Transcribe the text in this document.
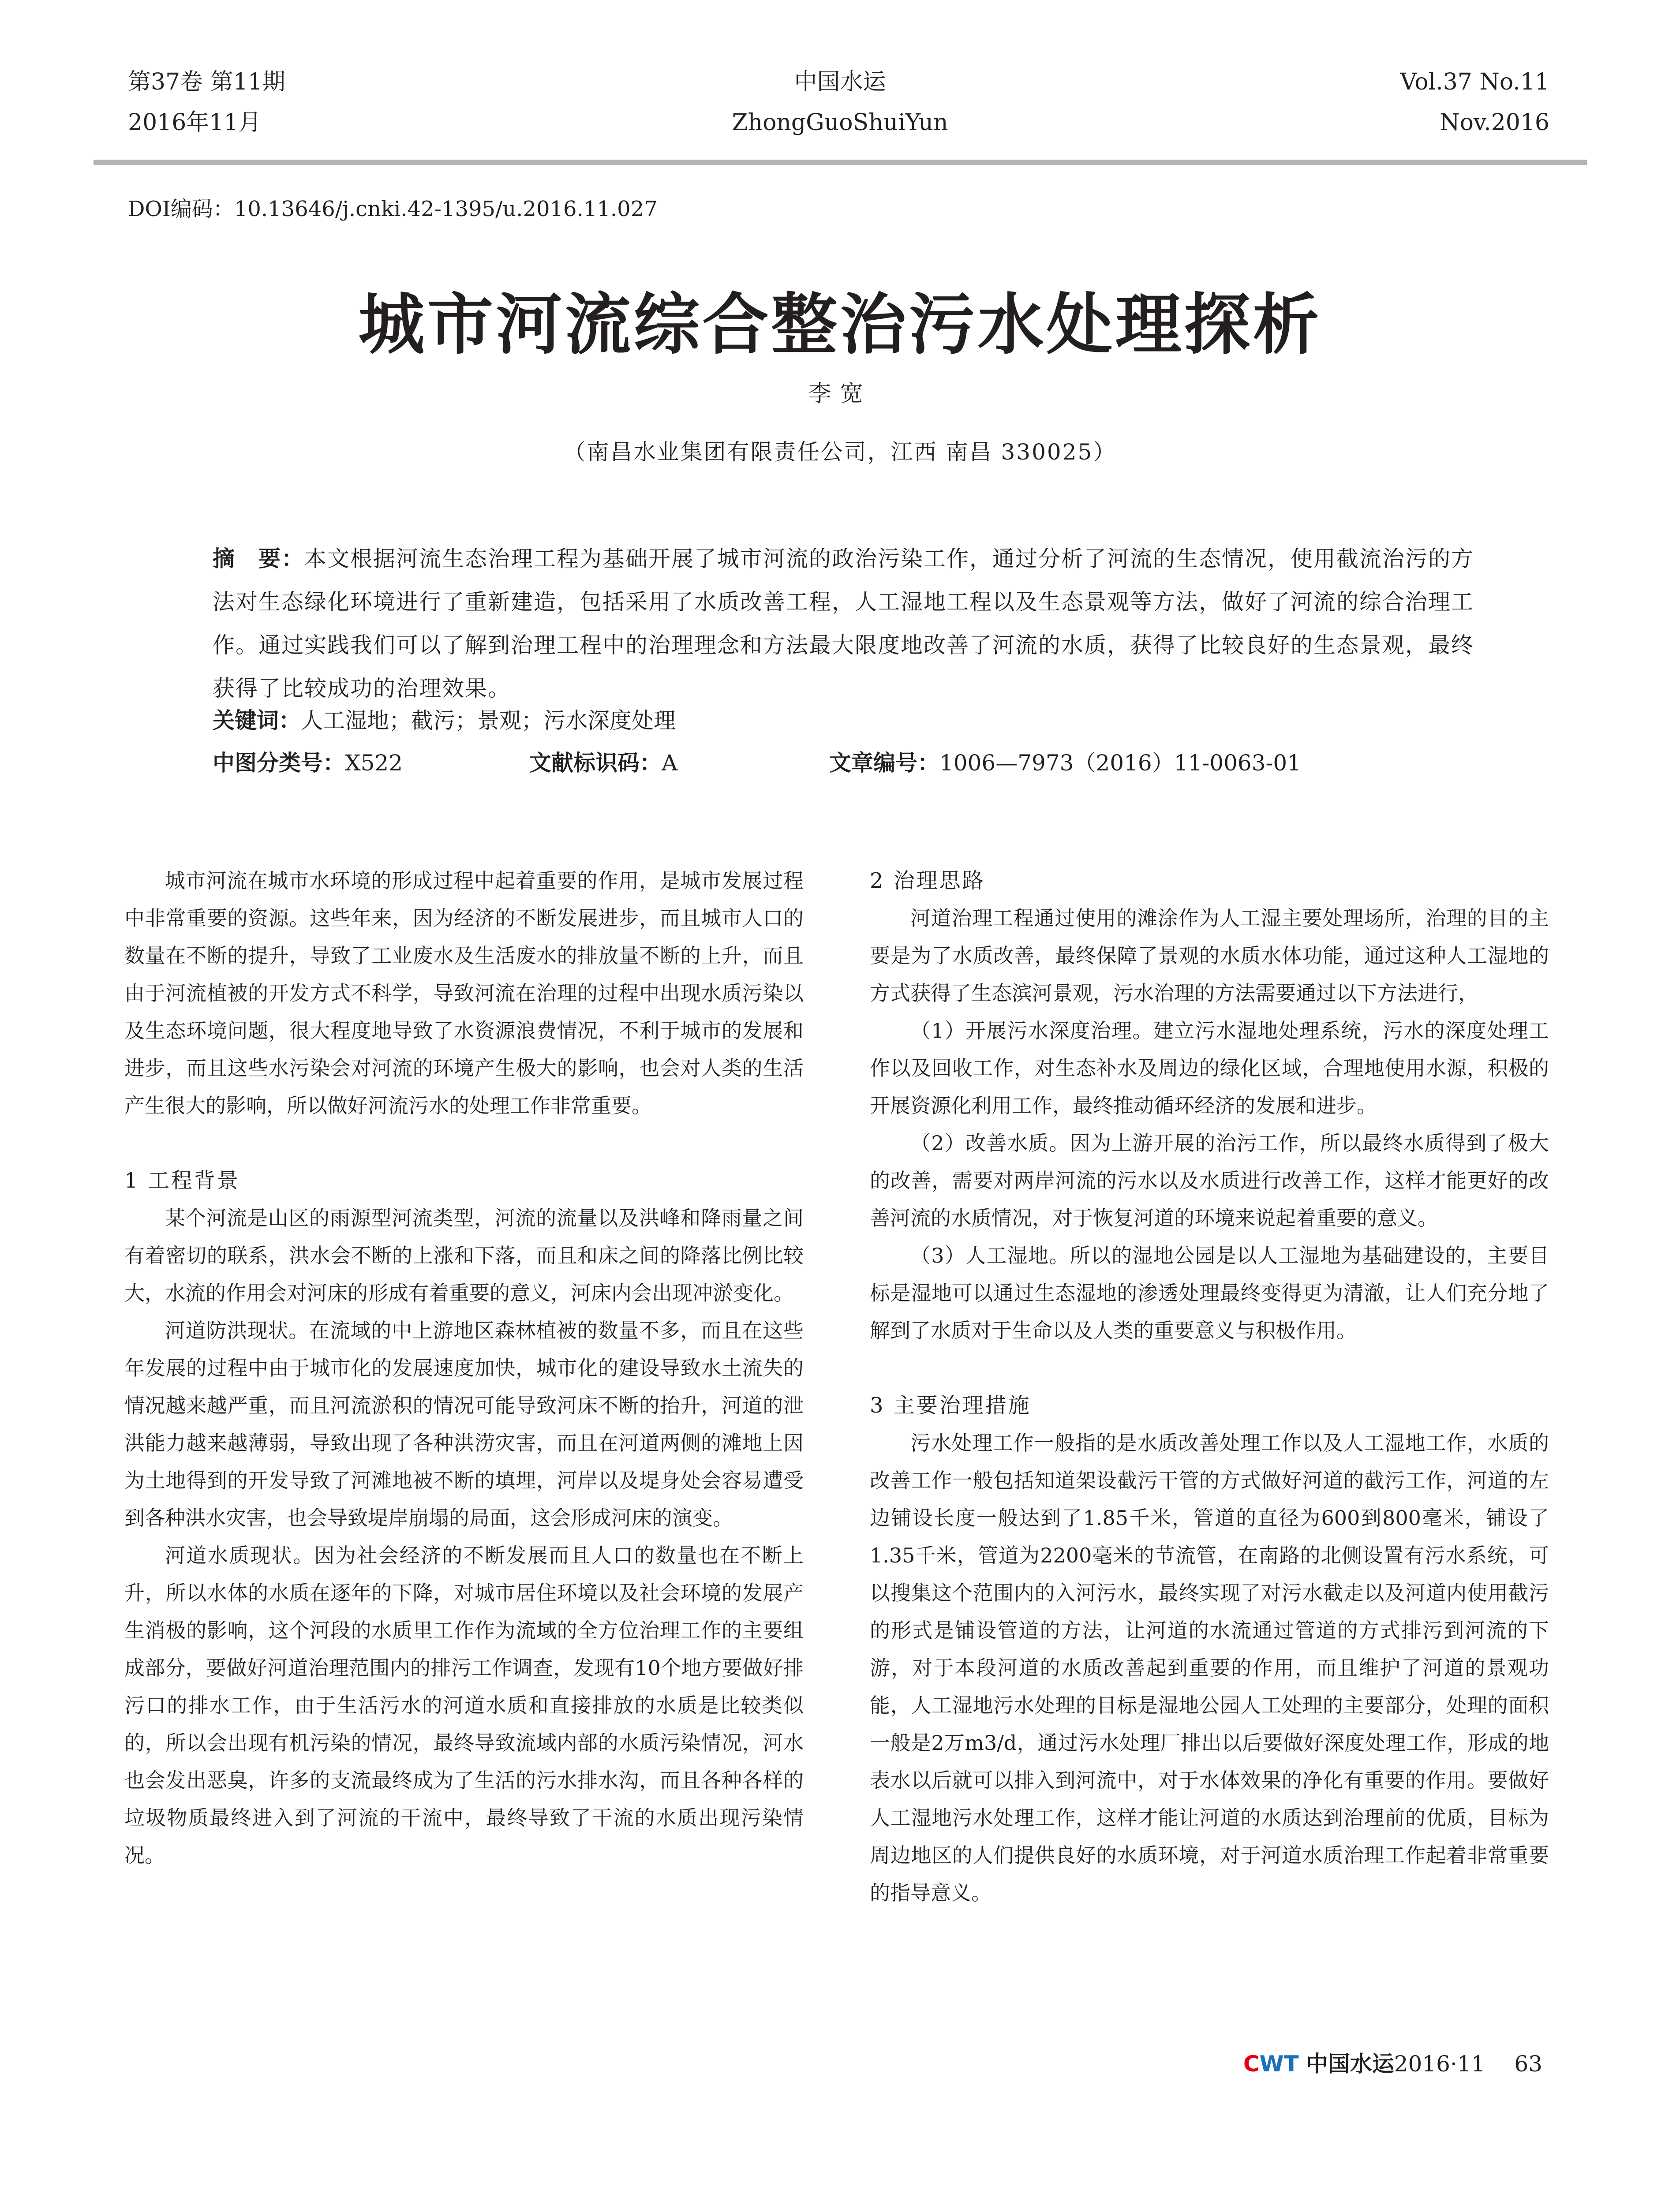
第37卷 第11期
2016年11月
中国水运
ZhongGuoShuiYun
Vol.37 No.11
Nov.2016
DOI编码：10.13646/j.cnki.42-1395/u.2016.11.027
城市河流综合整治污水处理探析
李宽
（南昌水业集团有限责任公司，江西 南昌 330025）
摘　要：本文根据河流生态治理工程为基础开展了城市河流的政治污染工作，通过分析了河流的生态情况，使用截流治污的方法对生态绿化环境进行了重新建造，包括采用了水质改善工程，人工湿地工程以及生态景观等方法，做好了河流的综合治理工作。通过实践我们可以了解到治理工程中的治理理念和方法最大限度地改善了河流的水质，获得了比较良好的生态景观，最终获得了比较成功的治理效果。
关键词：人工湿地；截污；景观；污水深度处理
中图分类号：X522	文献标识码：A	文章编号：1006—7973（2016）11-0063-01

城市河流在城市水环境的形成过程中起着重要的作用，是城市发展过程中非常重要的资源。这些年来，因为经济的不断发展进步，而且城市人口的数量在不断的提升，导致了工业废水及生活废水的排放量不断的上升，而且由于河流植被的开发方式不科学，导致河流在治理的过程中出现水质污染以及生态环境问题，很大程度地导致了水资源浪费情况，不利于城市的发展和进步，而且这些水污染会对河流的环境产生极大的影响，也会对人类的生活产生很大的影响，所以做好河流污水的处理工作非常重要。

1 工程背景

某个河流是山区的雨源型河流类型，河流的流量以及洪峰和降雨量之间有着密切的联系，洪水会不断的上涨和下落，而且和床之间的降落比例比较大，水流的作用会对河床的形成有着重要的意义，河床内会出现冲淤变化。

河道防洪现状。在流域的中上游地区森林植被的数量不多，而且在这些年发展的过程中由于城市化的发展速度加快，城市化的建设导致水土流失的情况越来越严重，而且河流淤积的情况可能导致河床不断的抬升，河道的泄洪能力越来越薄弱，导致出现了各种洪涝灾害，而且在河道两侧的滩地上因为土地得到的开发导致了河滩地被不断的填埋，河岸以及堤身处会容易遭受到各种洪水灾害，也会导致堤岸崩塌的局面，这会形成河床的演变。

河道水质现状。因为社会经济的不断发展而且人口的数量也在不断上升，所以水体的水质在逐年的下降，对城市居住环境以及社会环境的发展产生消极的影响，这个河段的水质里工作作为流域的全方位治理工作的主要组成部分，要做好河道治理范围内的排污工作调查，发现有10个地方要做好排污口的排水工作，由于生活污水的河道水质和直接排放的水质是比较类似的，所以会出现有机污染的情况，最终导致流域内部的水质污染情况，河水也会发出恶臭，许多的支流最终成为了生活的污水排水沟，而且各种各样的垃圾物质最终进入到了河流的干流中，最终导致了干流的水质出现污染情况。

2 治理思路

河道治理工程通过使用的滩涂作为人工湿主要处理场所，治理的目的主要是为了水质改善，最终保障了景观的水质水体功能，通过这种人工湿地的方式获得了生态滨河景观，污水治理的方法需要通过以下方法进行，

（1）开展污水深度治理。建立污水湿地处理系统，污水的深度处理工作以及回收工作，对生态补水及周边的绿化区域，合理地使用水源，积极的开展资源化利用工作，最终推动循环经济的发展和进步。

（2）改善水质。因为上游开展的治污工作，所以最终水质得到了极大的改善，需要对两岸河流的污水以及水质进行改善工作，这样才能更好的改善河流的水质情况，对于恢复河道的环境来说起着重要的意义。

（3）人工湿地。所以的湿地公园是以人工湿地为基础建设的，主要目标是湿地可以通过生态湿地的渗透处理最终变得更为清澈，让人们充分地了解到了水质对于生命以及人类的重要意义与积极作用。

3 主要治理措施

污水处理工作一般指的是水质改善处理工作以及人工湿地工作，水质的改善工作一般包括知道架设截污干管的方式做好河道的截污工作，河道的左边铺设长度一般达到了1.85千米，管道的直径为600到800毫米，铺设了1.35千米，管道为2200毫米的节流管，在南路的北侧设置有污水系统，可以搜集这个范围内的入河污水，最终实现了对污水截走以及河道内使用截污的形式是铺设管道的方法，让河道的水流通过管道的方式排污到河流的下游，对于本段河道的水质改善起到重要的作用，而且维护了河道的景观功能，人工湿地污水处理的目标是湿地公园人工处理的主要部分，处理的面积一般是2万m3/d，通过污水处理厂排出以后要做好深度处理工作，形成的地表水以后就可以排入到河流中，对于水体效果的净化有重要的作用。要做好人工湿地污水处理工作，这样才能让河道的水质达到治理前的优质，目标为周边地区的人们提供良好的水质环境，对于河道水质治理工作起着非常重要的指导意义。

CWT 中国水运2016·11 63
